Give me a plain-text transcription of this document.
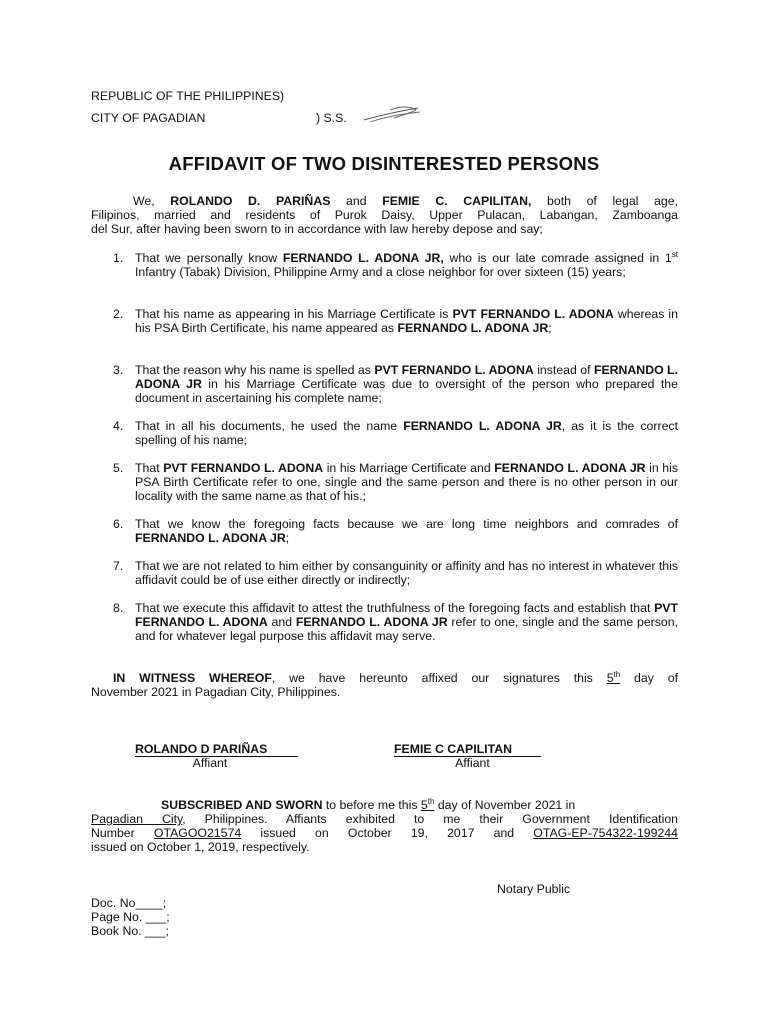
REPUBLIC OF THE PHILIPPINES)
CITY OF PAGADIAN	) S.S.
AFFIDAVIT OF TWO DISINTERESTED PERSONS
We, ROLANDO D. PARIÑAS and FEMIE C. CAPILITAN, both of legal age,
Filipinos, married and residents of Purok Daisy, Upper Pulacan, Labangan, Zamboanga
del Sur, after having been sworn to in accordance with law hereby depose and say;
1. That we personally know FERNANDO L. ADONA JR, who is our late comrade assigned in 1st Infantry (Tabak) Division, Philippine Army and a close neighbor for over sixteen (15) years;
2. That his name as appearing in his Marriage Certificate is PVT FERNANDO L. ADONA whereas in his PSA Birth Certificate, his name appeared as FERNANDO L. ADONA JR;
3. That the reason why his name is spelled as PVT FERNANDO L. ADONA instead of FERNANDO L. ADONA JR in his Marriage Certificate was due to oversight of the person who prepared the document in ascertaining his complete name;
4. That in all his documents, he used the name FERNANDO L. ADONA JR, as it is the correct spelling of his name;
5. That PVT FERNANDO L. ADONA in his Marriage Certificate and FERNANDO L. ADONA JR in his PSA Birth Certificate refer to one, single and the same person and there is no other person in our locality with the same name as that of his.;
6. That we know the foregoing facts because we are long time neighbors and comrades of FERNANDO L. ADONA JR;
7. That we are not related to him either by consanguinity or affinity and has no interest in whatever this affidavit could be of use either directly or indirectly;
8. That we execute this affidavit to attest the truthfulness of the foregoing facts and establish that PVT FERNANDO L. ADONA and FERNANDO L. ADONA JR refer to one, single and the same person, and for whatever legal purpose this affidavit may serve.
IN WITNESS WHEREOF, we have hereunto affixed our signatures this 5th day of
November 2021 in Pagadian City, Philippines.
ROLANDO D PARIÑAS
Affiant
FEMIE C CAPILITAN
Affiant
SUBSCRIBED AND SWORN to before me this 5th day of November 2021 in
Pagadian City, Philippines. Affiants exhibited to me their Government Identification
Number OTAGOO21574 issued on October 19, 2017 and OTAG-EP-754322-199244
issued on October 1, 2019, respectively.
Notary Public
Doc. No____;
Page No. ___;
Book No. ___;
